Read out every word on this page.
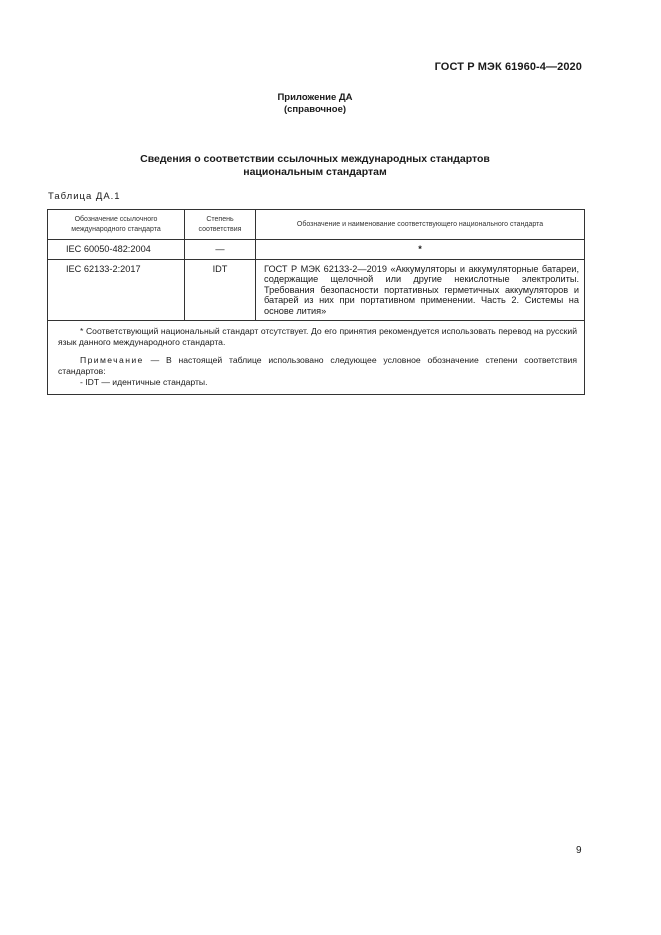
ГОСТ Р МЭК 61960-4—2020
Приложение ДА
(справочное)
Сведения о соответствии ссылочных международных стандартов
национальным стандартам
Таблица ДА.1
Обозначение ссылочного международного стандарта	Степень соответствия	Обозначение и наименование соответствующего национального стандарта
IEC 60050-482:2004	—	*
IEC 62133-2:2017	IDT	ГОСТ Р МЭК 62133-2—2019 «Аккумуляторы и аккумуляторные батареи, содержащие щелочной или другие некислотные электролиты. Требования безопасности портативных герметичных аккумуляторов и батарей из них при портативном применении. Часть 2. Системы на основе лития»

* Соответствующий национальный стандарт отсутствует. До его принятия рекомендуется использовать перевод на русский язык данного международного стандарта.

Примечание — В настоящей таблице использовано следующее условное обозначение степени соответствия стандартов:

- IDT — идентичные стандарты.		

9
